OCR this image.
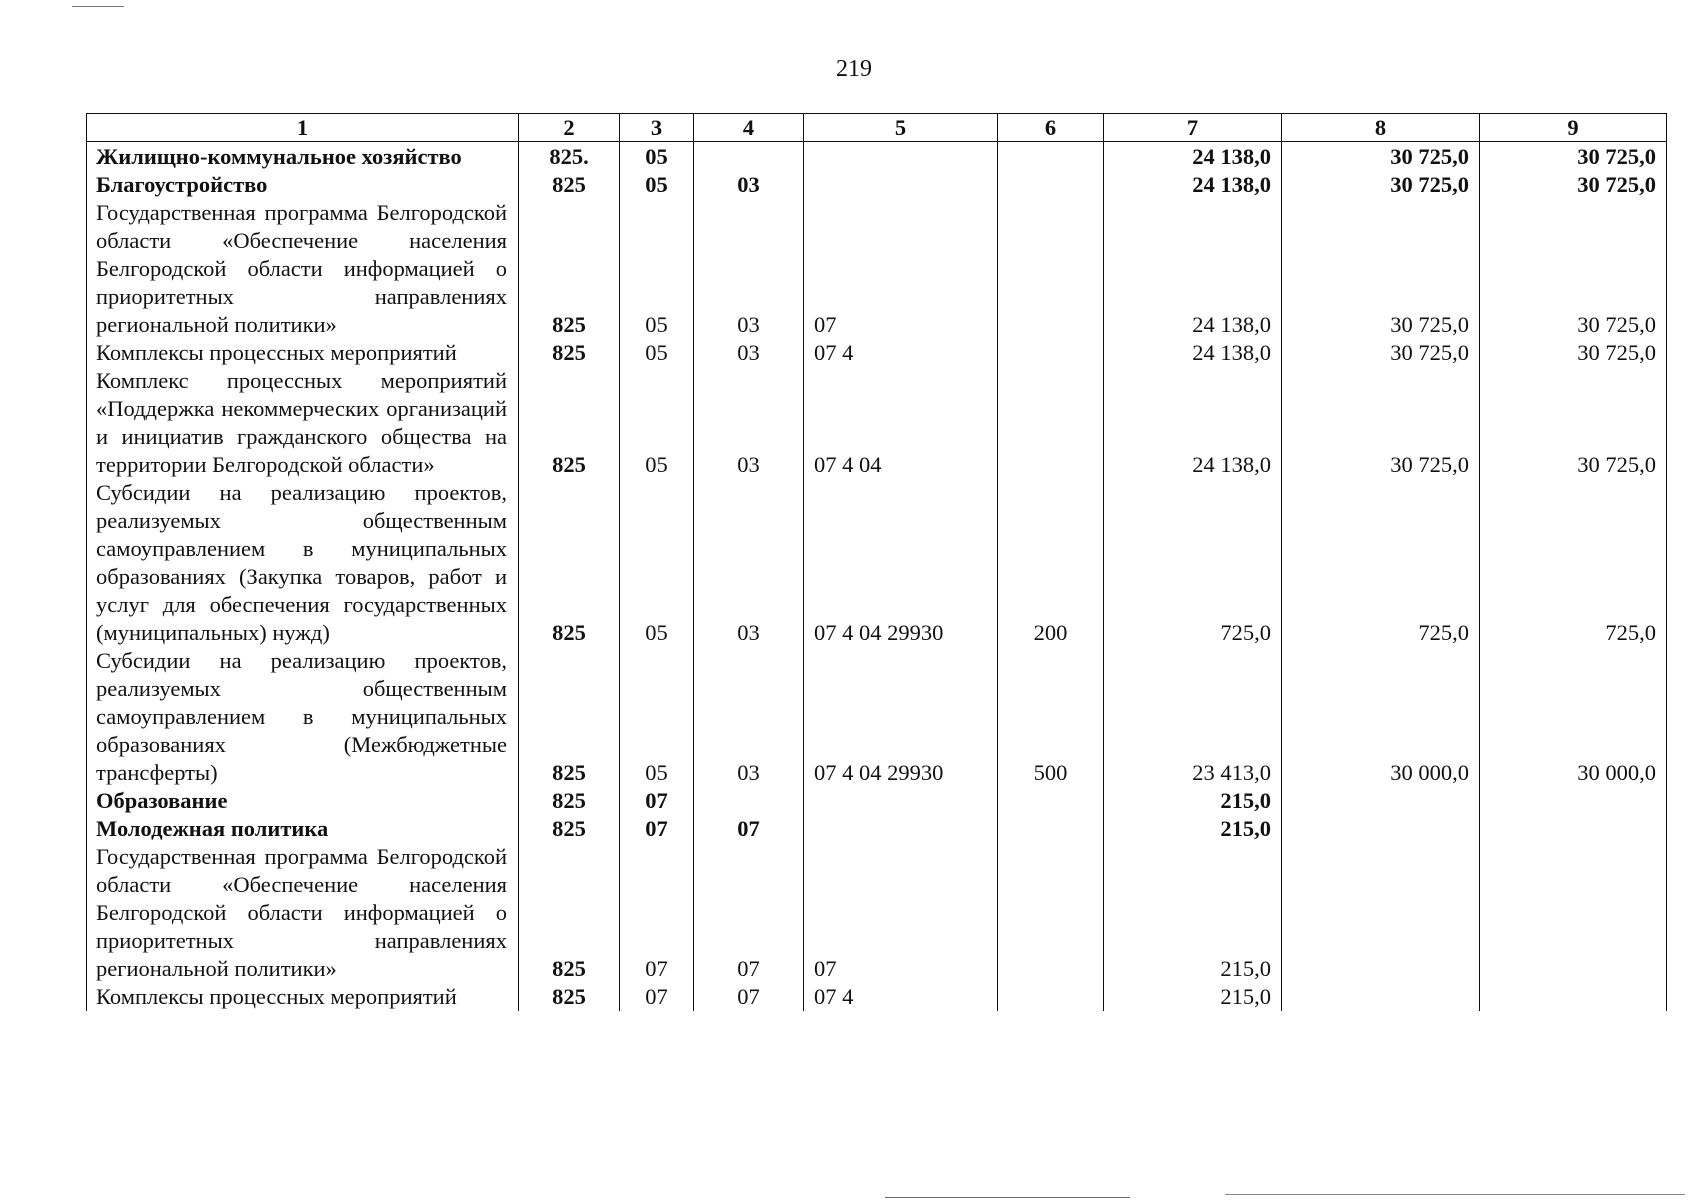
219
1	2	3	4	5	6	7	8	9
Жилищно-коммунальное хозяйство	825.	05				24 138,0	30 725,0	30 725,0
Благоустройство	825	05	03			24 138,0	30 725,0	30 725,0
Государственная программа Белгородской области «Обеспечение населения Белгородской области информацией о приоритетных направлениях региональной политики»	825	05	03	07		24 138,0	30 725,0	30 725,0
Комплексы процессных мероприятий	825	05	03	07 4		24 138,0	30 725,0	30 725,0
Комплекс процессных мероприятий «Поддержка некоммерческих организаций и инициатив гражданского общества на территории Белгородской области»	825	05	03	07 4 04		24 138,0	30 725,0	30 725,0
Субсидии на реализацию проектов, реализуемых общественным самоуправлением в муниципальных образованиях (Закупка товаров, работ и услуг для обеспечения государственных (муниципальных) нужд)	825	05	03	07 4 04 29930	200	725,0	725,0	725,0
Субсидии на реализацию проектов, реализуемых общественным самоуправлением в муниципальных образованиях (Межбюджетные трансферты)	825	05	03	07 4 04 29930	500	23 413,0	30 000,0	30 000,0
Образование	825	07				215,0		
Молодежная политика	825	07	07			215,0		
Государственная программа Белгородской области «Обеспечение населения Белгородской области информацией о приоритетных направлениях региональной политики»	825	07	07	07		215,0		
Комплексы процессных мероприятий	825	07	07	07 4		215,0		
